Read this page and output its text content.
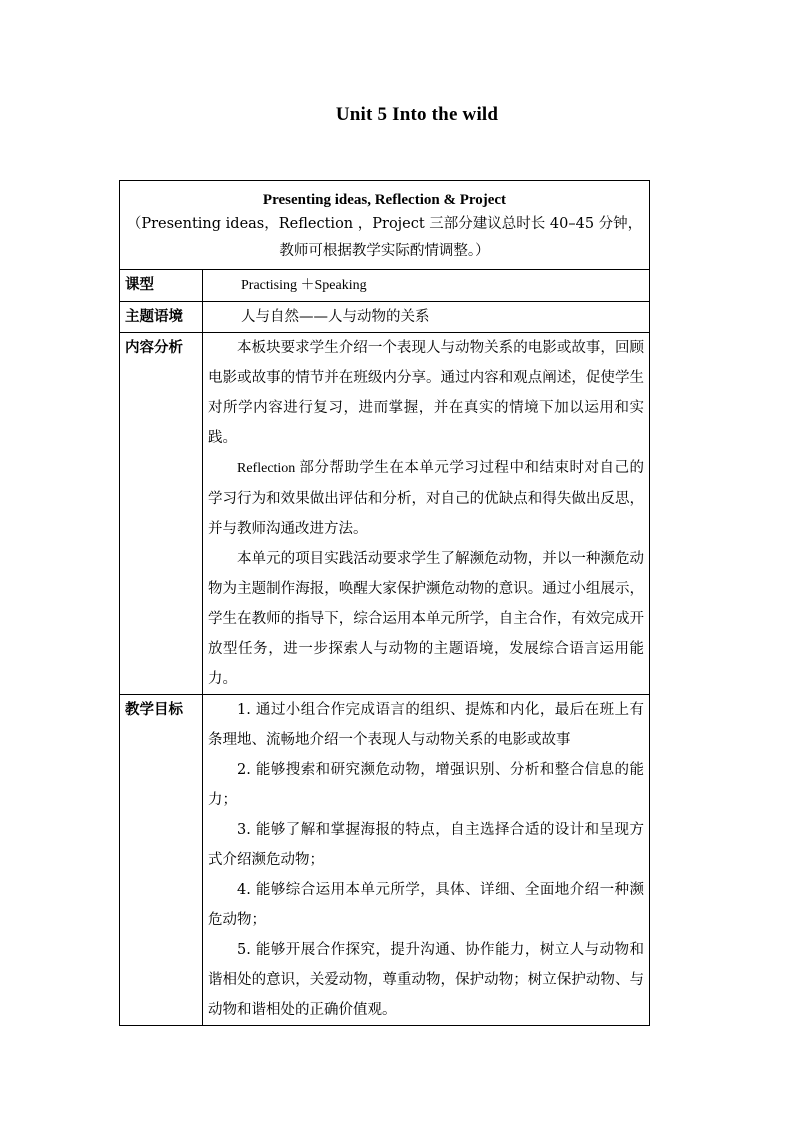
Unit 5 Into the wild
Presenting ideas, Reflection & Project
（Presenting ideas，Reflection ，Project 三部分建议总时长 40–45 分钟，
教师可根据教学实际酌情调整。）	

课型	Practising ＋Speaking
主题语境	人与自然——人与动物的关系
内容分析	本板块要求学生介绍一个表现人与动物关系的电影或故事，回顾电影或故事的情节并在班级内分享。通过内容和观点阐述，促使学生对所学内容进行复习，进而掌握，并在真实的情境下加以运用和实践。

Reflection 部分帮助学生在本单元学习过程中和结束时对自己的学习行为和效果做出评估和分析，对自己的优缺点和得失做出反思，并与教师沟通改进方法。

本单元的项目实践活动要求学生了解濒危动物，并以一种濒危动物为主题制作海报，唤醒大家保护濒危动物的意识。通过小组展示，学生在教师的指导下，综合运用本单元所学，自主合作，有效完成开放型任务，进一步探索人与动物的主题语境，发展综合语言运用能力。

教学目标	1. 通过小组合作完成语言的组织、提炼和内化，最后在班上有条理地、流畅地介绍一个表现人与动物关系的电影或故事

2. 能够搜索和研究濒危动物，增强识别、分析和整合信息的能力；

3. 能够了解和掌握海报的特点，自主选择合适的设计和呈现方式介绍濒危动物；

4. 能够综合运用本单元所学，具体、详细、全面地介绍一种濒危动物；

5. 能够开展合作探究，提升沟通、协作能力，树立人与动物和谐相处的意识，关爱动物，尊重动物，保护动物；树立保护动物、与动物和谐相处的正确价值观。
